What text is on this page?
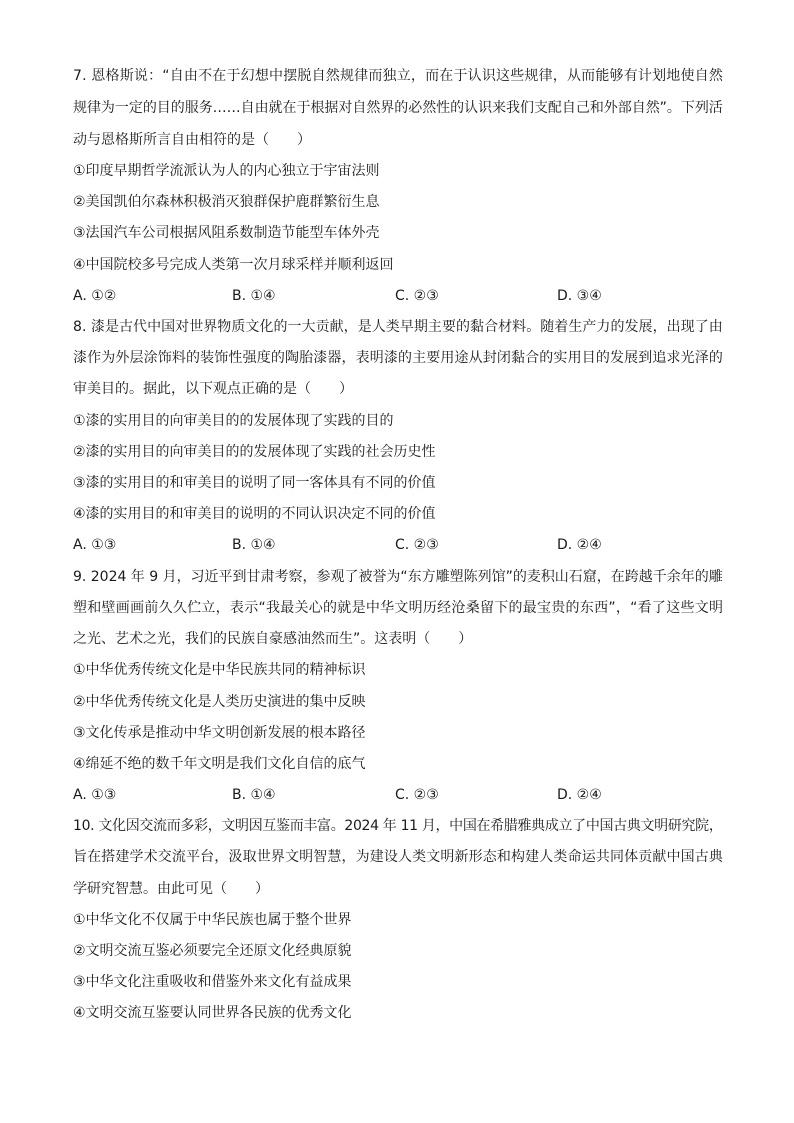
7. 恩格斯说：“自由不在于幻想中摆脱自然规律而独立，而在于认识这些规律，从而能够有计划地使自然
规律为一定的目的服务……自由就在于根据对自然界的必然性的认识来我们支配自己和外部自然”。下列活
动与恩格斯所言自由相符的是（　　）
①印度早期哲学流派认为人的内心独立于宇宙法则
②美国凯伯尔森林积极消灭狼群保护鹿群繁衍生息
③法国汽车公司根据风阻系数制造节能型车体外壳
④中国院校多号完成人类第一次月球采样并顺利返回
A. ①②	B. ①④	C. ②③	D. ③④
8. 漆是古代中国对世界物质文化的一大贡献，是人类早期主要的黏合材料。随着生产力的发展，出现了由
漆作为外层涂饰料的装饰性强度的陶胎漆器，表明漆的主要用途从封闭黏合的实用目的发展到追求光泽的
审美目的。据此，以下观点正确的是（　　）
①漆的实用目的向审美目的的发展体现了实践的目的
②漆的实用目的向审美目的的发展体现了实践的社会历史性
③漆的实用目的和审美目的说明了同一客体具有不同的价值
④漆的实用目的和审美目的说明的不同认识决定不同的价值
A. ①③	B. ①④	C. ②③	D. ②④
9. 2024 年 9 月，习近平到甘肃考察，参观了被誉为“东方雕塑陈列馆”的麦积山石窟，在跨越千余年的雕
塑和壁画画前久久伫立，表示“我最关心的就是中华文明历经沧桑留下的最宝贵的东西”，“看了这些文明
之光、艺术之光，我们的民族自豪感油然而生”。这表明（　　）
①中华优秀传统文化是中华民族共同的精神标识
②中华优秀传统文化是人类历史演进的集中反映
③文化传承是推动中华文明创新发展的根本路径
④绵延不绝的数千年文明是我们文化自信的底气
A. ①③	B. ①④	C. ②③	D. ②④
10. 文化因交流而多彩，文明因互鉴而丰富。2024 年 11 月，中国在希腊雅典成立了中国古典文明研究院，
旨在搭建学术交流平台，汲取世界文明智慧，为建设人类文明新形态和构建人类命运共同体贡献中国古典
学研究智慧。由此可见（　　）
①中华文化不仅属于中华民族也属于整个世界
②文明交流互鉴必须要完全还原文化经典原貌
③中华文化注重吸收和借鉴外来文化有益成果
④文明交流互鉴要认同世界各民族的优秀文化
